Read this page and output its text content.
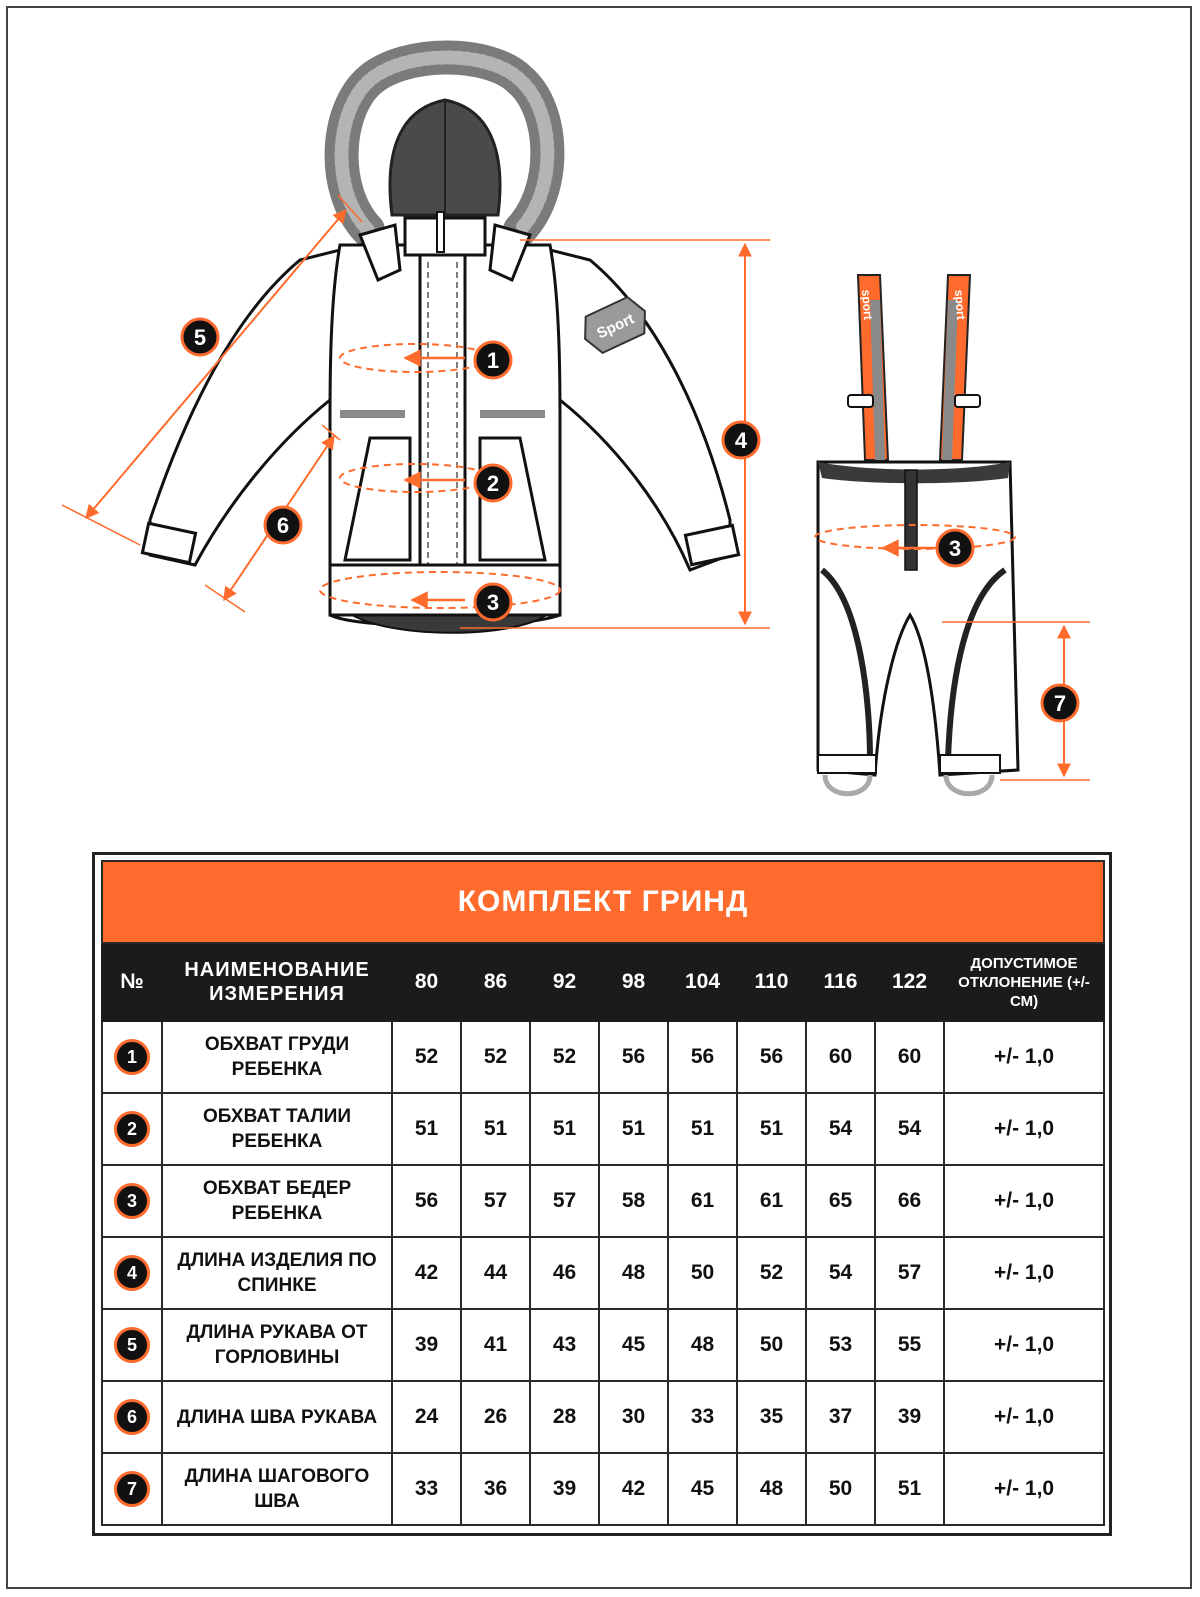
Sport
sport	sport
1
2
3
4
5
6
3
7
КОМПЛЕКТ ГРИНД										
№	НАИМЕНОВАНИЕ ИЗМЕРЕНИЯ	80	86	92	98	104	110	116	122	ДОПУСТИМОЕ ОТКЛОНЕНИЕ (+/-СМ)
1	ОБХВАТ ГРУДИ РЕБЕНКА	52	52	52	56	56	56	60	60	+/- 1,0
2	ОБХВАТ ТАЛИИ РЕБЕНКА	51	51	51	51	51	51	54	54	+/- 1,0
3	ОБХВАТ БЕДЕР РЕБЕНКА	56	57	57	58	61	61	65	66	+/- 1,0
4	ДЛИНА ИЗДЕЛИЯ ПО СПИНКЕ	42	44	46	48	50	52	54	57	+/- 1,0
5	ДЛИНА РУКАВА ОТ ГОРЛОВИНЫ	39	41	43	45	48	50	53	55	+/- 1,0
6	ДЛИНА ШВА РУКАВА	24	26	28	30	33	35	37	39	+/- 1,0
7	ДЛИНА ШАГОВОГО ШВА	33	36	39	42	45	48	50	51	+/- 1,0
